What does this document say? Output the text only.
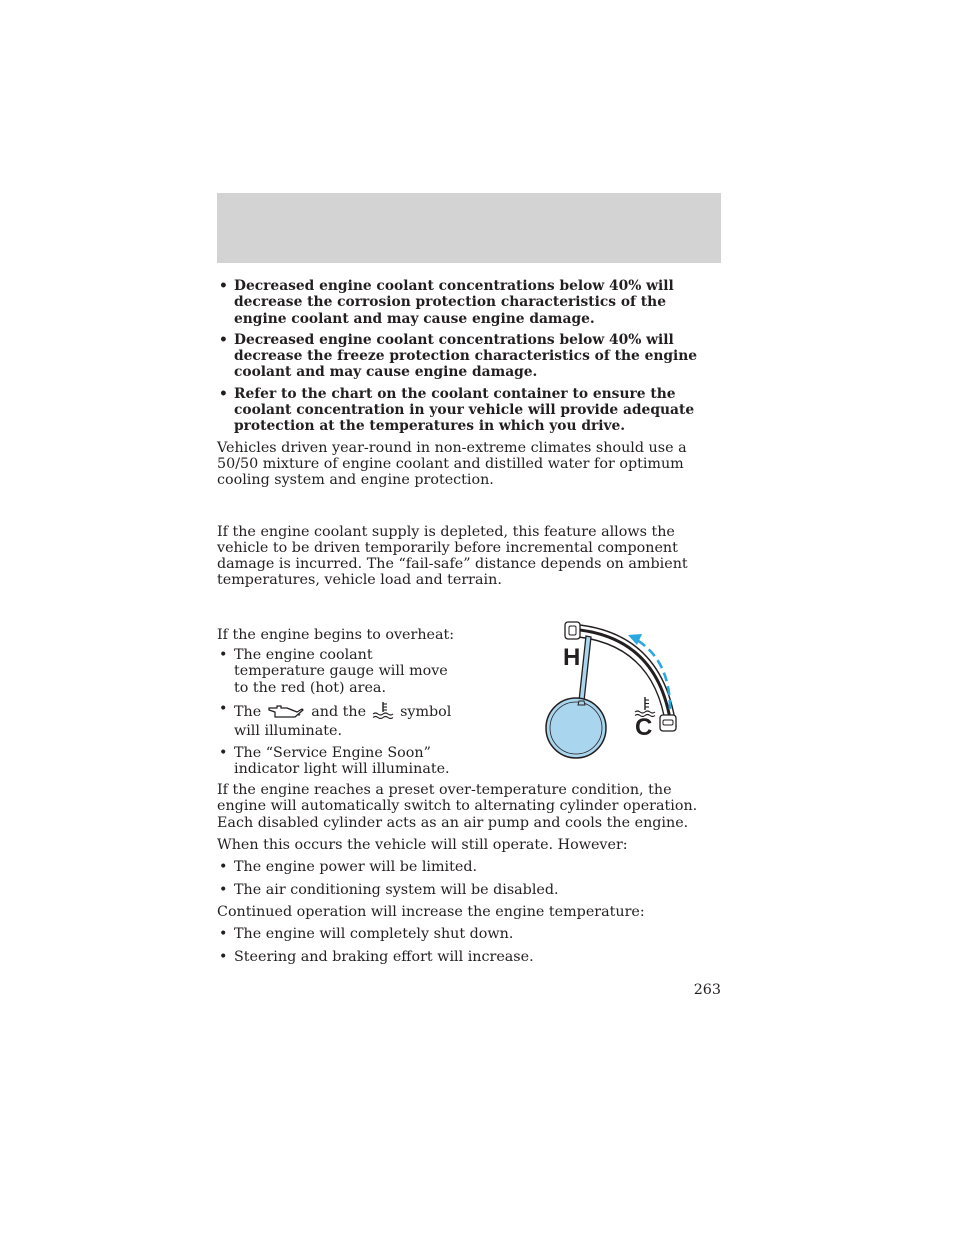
• Decreased engine coolant concentrations below 40% will decrease the corrosion protection characteristics of the engine coolant and may cause engine damage.
• Decreased engine coolant concentrations below 40% will decrease the freeze protection characteristics of the engine coolant and may cause engine damage.
• Refer to the chart on the coolant container to ensure the coolant concentration in your vehicle will provide adequate protection at the temperatures in which you drive.

Vehicles driven year-round in non-extreme climates should use a 50/50 mixture of engine coolant and distilled water for optimum cooling system and engine protection.

If the engine coolant supply is depleted, this feature allows the vehicle to be driven temporarily before incremental component damage is incurred. The “fail-safe” distance depends on ambient temperatures, vehicle load and terrain.

If the engine begins to overheat:

• The engine coolant temperature gauge will move to the red (hot) area.
• The	and the symbol will illuminate.
• The “Service Engine Soon” indicator light will illuminate.
H
C

If the engine reaches a preset over-temperature condition, the engine will automatically switch to alternating cylinder operation. Each disabled cylinder acts as an air pump and cools the engine.

When this occurs the vehicle will still operate. However:

• The engine power will be limited.
• The air conditioning system will be disabled.

Continued operation will increase the engine temperature:

• The engine will completely shut down.
• Steering and braking effort will increase.
263
